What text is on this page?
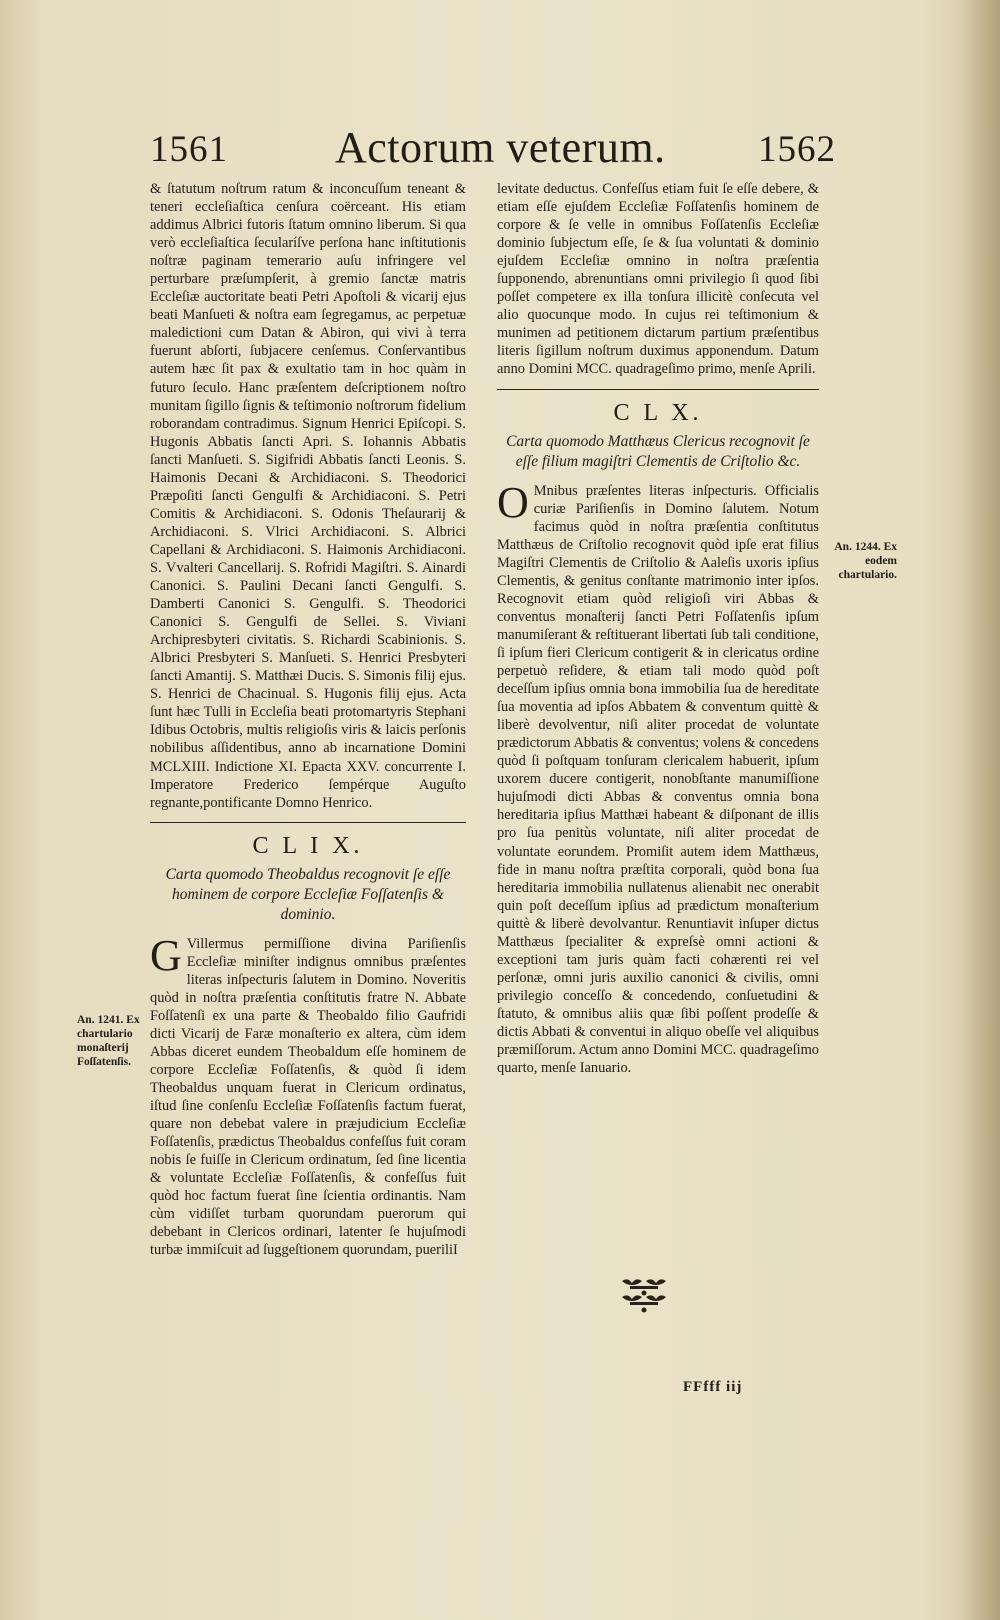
1561 Actorum veterum. 1562

& ſtatutum noſtrum ratum & inconcuſſum teneant & teneri eccleſiaſtica cenſura coërceant. His etiam addimus Albrici futoris ſtatum omnino liberum. Si qua verò eccleſiaſtica ſecularíſve perſona hanc inſtitutionis noſtræ paginam temerario auſu infringere vel perturbare præſumpſerit, à gremio ſanctæ matris Eccleſiæ auctoritate beati Petri Apoſtoli & vicarij ejus beati Manſueti & noſtra eam ſegregamus, ac perpetuæ maledictioni cum Datan & Abiron, qui vivi à terra fuerunt abſorti, ſubjacere cenſemus. Conſervantibus autem hæc ſit pax & exultatio tam in hoc quàm in futuro ſeculo. Hanc præſentem deſcriptionem noſtro munitam ſigillo ſignis & teſtimonio noſtrorum fidelium roborandam contradimus. Signum Henrici Epiſcopi. S. Hugonis Abbatis ſancti Apri. S. Iohannis Abbatis ſancti Manſueti. S. Sigifridi Abbatis ſancti Leonis. S. Haimonis Decani & Archidiaconi. S. Theodorici Præpoſiti ſancti Gengulfi & Archidiaconi. S. Petri Comitis & Archidiaconi. S. Odonis Theſaurarij & Archidiaconi. S. Vlrici Archidiaconi. S. Albrici Capellani & Archidiaconi. S. Haimonis Archidiaconi. S. Vvalteri Cancellarij. S. Rofridi Magiſtri. S. Ainardi Canonici. S. Paulini Decani ſancti Gengulfi. S. Damberti Canonici S. Gengulfi. S. Theodorici Canonici S. Gengulfi de Sellei. S. Viviani Archipresbyteri civitatis. S. Richardi Scabinionis. S. Albrici Presbyteri S. Manſueti. S. Henrici Presbyteri ſancti Amantij. S. Matthæi Ducis. S. Simonis filij ejus. S. Henrici de Chacinual. S. Hugonis filij ejus. Acta ſunt hæc Tulli in Eccleſia beati protomartyris Stephani Idibus Octobris, multis religioſis viris & laicis perſonis nobilibus aſſidentibus, anno ab incarnatione Domini MCLXIII. Indictione XI. Epacta XXV. concurrente I. Imperatore Frederico ſempérque Auguſto regnante,pontificante Domno Henrico.

C L I X.
Carta quomodo Theobaldus recognovit ſe eſſe hominem de corpore Eccleſiæ Foſſatenſis & dominio.

G Villermus permiſſione divina Pariſienſis Eccleſiæ miniſter indignus omnibus præſentes literas inſpecturis ſalutem in Domino. Noveritis quòd in noſtra præſentia conſtitutis fratre N. Abbate Foſſatenſi ex una parte & Theobaldo filio Gaufridi dicti Vicarij de Faræ monaſterio ex altera, cùm idem Abbas diceret eundem Theobaldum eſſe hominem de corpore Eccleſiæ Foſſatenſis, & quòd ſi idem Theobaldus unquam fuerat in Clericum ordinatus, iſtud ſine conſenſu Eccleſiæ Foſſatenſis factum fuerat, quare non debebat valere in præjudicium Eccleſiæ Foſſatenſis, prædictus Theobaldus confeſſus fuit coram nobis ſe fuiſſe in Clericum ordinatum, ſed ſine licentia & voluntate Eccleſiæ Foſſatenſis, & confeſſus fuit quòd hoc factum fuerat ſine ſcientia ordinantis. Nam cùm vidiſſet turbam quorundam puerorum qui debebant in Clericos ordinari, latenter ſe hujuſmodi turbæ immiſcuit ad ſuggeſtionem quorundam, pueriliI

levitate deductus. Confeſſus etiam fuit ſe eſſe debere, & etiam eſſe ejuſdem Eccleſiæ Foſſatenſis hominem de corpore & ſe velle in omnibus Foſſatenſis Eccleſiæ dominio ſubjectum eſſe, ſe & ſua voluntati & dominio ejuſdem Eccleſiæ omnino in noſtra præſentia ſupponendo, abrenuntians omni privilegio ſi quod ſibi poſſet competere ex illa tonſura illicitè conſecuta vel alio quocunque modo. In cujus rei teſtimonium & munimen ad petitionem dictarum partium præſentibus literis ſigillum noſtrum duximus apponendum. Datum anno Domini MCC. quadrageſimo primo, menſe Aprili.

C L X.
Carta quomodo Matthæus Clericus recognovit ſe eſſe filium magiſtri Clementis de Criſtolio &c.

O Mnibus præſentes literas inſpecturis. Officialis curiæ Pariſienſis in Domino ſalutem. Notum facimus quòd in noſtra præſentia conſtitutus Matthæus de Criſtolio recognovit quòd ipſe erat filius Magiſtri Clementis de Criſtolio & Aaleſis uxoris ipſius Clementis, & genitus conſtante matrimonio inter ipſos. Recognovit etiam quòd religioſi viri Abbas & conventus monaſterij ſancti Petri Foſſatenſis ipſum manumiſerant & reſtituerant libertati ſub tali conditione, ſi ipſum fieri Clericum contigerit & in clericatus ordine perpetuò reſidere, & etiam tali modo quòd poſt deceſſum ipſius omnia bona immobilia ſua de hereditate ſua moventia ad ipſos Abbatem & conventum quittè & liberè devolventur, niſi aliter procedat de voluntate prædictorum Abbatis & conventus; volens & concedens quòd ſi poſtquam tonſuram clericalem habuerit, ipſum uxorem ducere contigerit, nonobſtante manumiſſione hujuſmodi dicti Abbas & conventus omnia bona hereditaria ipſius Matthæi habeant & diſponant de illis pro ſua penitùs voluntate, niſi aliter procedat de voluntate eorundem. Promiſit autem idem Matthæus, fide in manu noſtra præſtita corporali, quòd bona ſua hereditaria immobilia nullatenus alienabit nec onerabit quin poſt deceſſum ipſius ad prædictum monaſterium quittè & liberè devolvantur. Renuntiavit inſuper dictus Matthæus ſpecialiter & expreſsè omni actioni & exceptioni tam juris quàm facti cohærenti rei vel perſonæ, omni juris auxilio canonici & civilis, omni privilegio conceſſo & concedendo, conſuetudini & ſtatuto, & omnibus aliis quæ ſibi poſſent prodeſſe & dictis Abbati & conventui in aliquo obeſſe vel aliquibus præmiſſorum. Actum anno Domini MCC. quadrageſimo quarto, menſe Ianuario.

An. 1241. Ex chartulario monaſterij Foſſatenſis.
An. 1244. Ex eodem chartulario.
FFfff iij
